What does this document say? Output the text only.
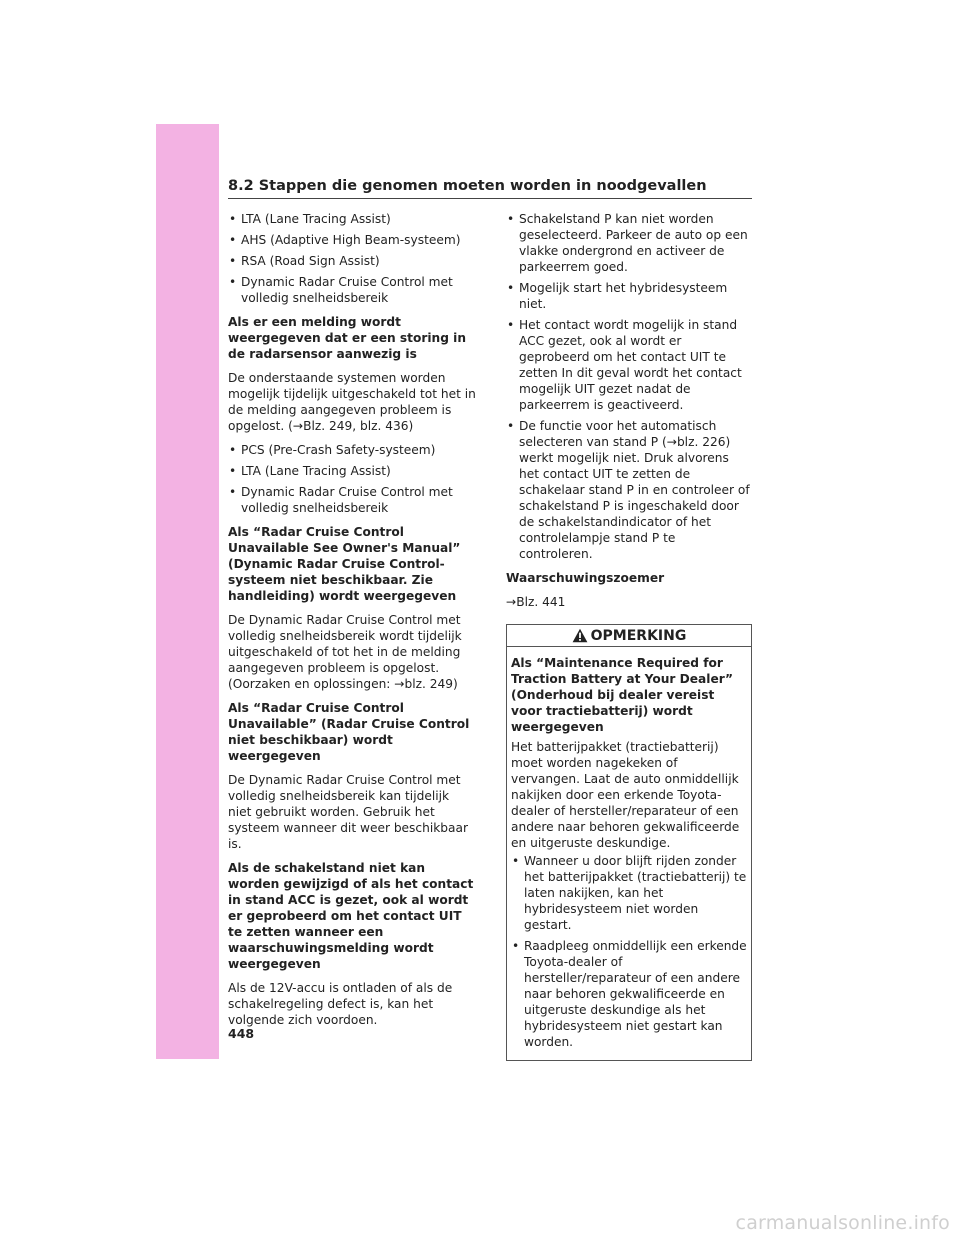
8.2 Stappen die genomen moeten worden in noodgevallen
• LTA (Lane Tracing Assist)
• AHS (Adaptive High Beam-systeem)
• RSA (Road Sign Assist)
• Dynamic Radar Cruise Control met volledig snelheidsbereik
Als er een melding wordt weergegeven dat er een storing in de radarsensor aanwezig is

De onderstaande systemen worden mogelijk tijdelijk uitgeschakeld tot het in de melding aangegeven probleem is opgelost. (→Blz. 249, blz. 436)

• PCS (Pre-Crash Safety-systeem)
• LTA (Lane Tracing Assist)
• Dynamic Radar Cruise Control met volledig snelheidsbereik
Als “Radar Cruise Control Unavailable See Owner's Manual” (Dynamic Radar Cruise Control-systeem niet beschikbaar. Zie handleiding) wordt weergegeven

De Dynamic Radar Cruise Control met volledig snelheidsbereik wordt tijdelijk uitgeschakeld of tot het in de melding aangegeven probleem is opgelost. (Oorzaken en oplossingen: →blz. 249)

Als “Radar Cruise Control Unavailable” (Radar Cruise Control niet beschikbaar) wordt weergegeven

De Dynamic Radar Cruise Control met volledig snelheidsbereik kan tijdelijk niet gebruikt worden. Gebruik het systeem wanneer dit weer beschikbaar is.

Als de schakelstand niet kan worden gewijzigd of als het contact in stand ACC is gezet, ook al wordt er geprobeerd om het contact UIT te zetten wanneer een waarschuwingsmelding wordt weergegeven

Als de 12V-accu is ontladen of als de schakelregeling defect is, kan het volgende zich voordoen.

• Schakelstand P kan niet worden geselecteerd. Parkeer de auto op een vlakke ondergrond en activeer de parkeerrem goed.
• Mogelijk start het hybridesysteem niet.
• Het contact wordt mogelijk in stand ACC gezet, ook al wordt er geprobeerd om het contact UIT te zetten In dit geval wordt het contact mogelijk UIT gezet nadat de parkeerrem is geactiveerd.
• De functie voor het automatisch selecteren van stand P (→blz. 226) werkt mogelijk niet. Druk alvorens het contact UIT te zetten de schakelaar stand P in en controleer of schakelstand P is ingeschakeld door de schakelstandindicator of het controlelampje stand P te controleren.
Waarschuwingszoemer

→Blz. 441

OPMERKING
Als “Maintenance Required for Traction Battery at Your Dealer” (Onderhoud bij dealer vereist voor tractiebatterij) wordt weergegeven

Het batterijpakket (tractiebatterij) moet worden nagekeken of vervangen. Laat de auto onmiddellijk nakijken door een erkende Toyota-dealer of hersteller/reparateur of een andere naar behoren gekwalificeerde en uitgeruste deskundige.

• Wanneer u door blijft rijden zonder het batterijpakket (tractiebatterij) te laten nakijken, kan het hybridesysteem niet worden gestart.
• Raadpleeg onmiddellijk een erkende Toyota-dealer of hersteller/reparateur of een andere naar behoren gekwalificeerde en uitgeruste deskundige als het hybridesysteem niet gestart kan worden.
448
carmanualsonline.info
